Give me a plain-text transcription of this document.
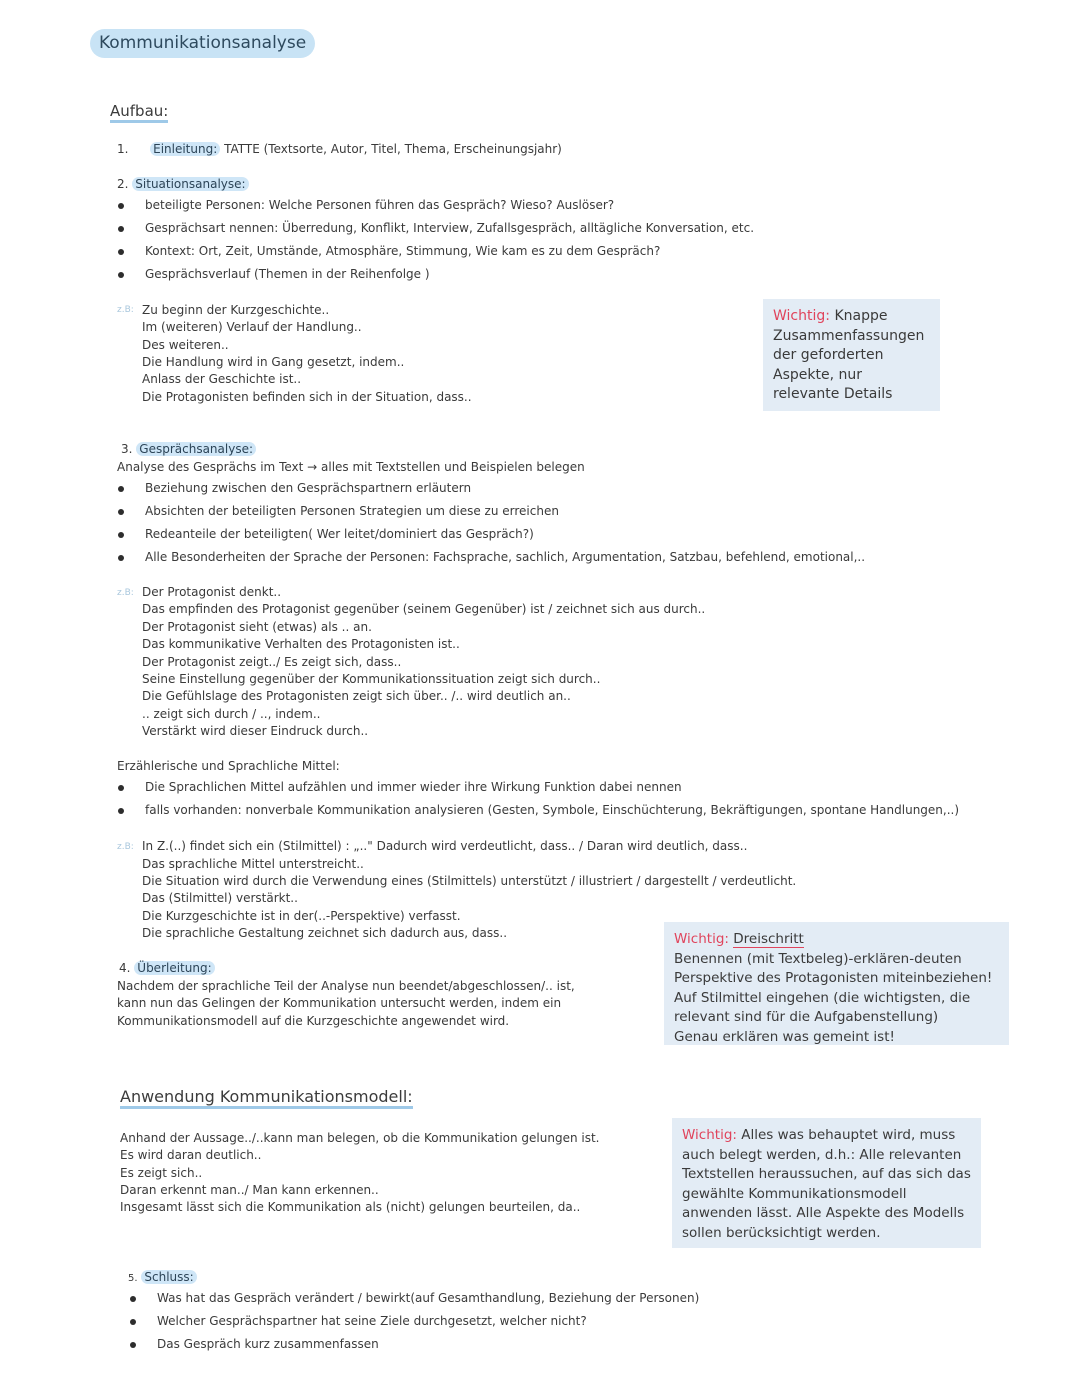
Kommunikationsanalyse
Aufbau:
1. Einleitung: TATTE (Textsorte, Autor, Titel, Thema, Erscheinungsjahr)
2. Situationsanalyse:
beteiligte Personen: Welche Personen führen das Gespräch? Wieso? Auslöser?
Gesprächsart nennen: Überredung, Konflikt, Interview, Zufallsgespräch, alltägliche Konversation, etc.
Kontext: Ort, Zeit, Umstände, Atmosphäre, Stimmung, Wie kam es zu dem Gespräch?
Gesprächsverlauf (Themen in der Reihenfolge )
z.B: Zu beginn der Kurzgeschichte..
Im (weiteren) Verlauf der Handlung..
Des weiteren..
Die Handlung wird in Gang gesetzt, indem..
Anlass der Geschichte ist..
Die Protagonisten befinden sich in der Situation, dass..
Wichtig: Knappe Zusammenfassungen der geforderten Aspekte, nur relevante Details
3. Gesprächsanalyse:
Analyse des Gesprächs im Text → alles mit Textstellen und Beispielen belegen
Beziehung zwischen den Gesprächspartnern erläutern
Absichten der beteiligten Personen Strategien um diese zu erreichen
Redeanteile der beteiligten( Wer leitet/dominiert das Gespräch?)
Alle Besonderheiten der Sprache der Personen: Fachsprache, sachlich, Argumentation, Satzbau, befehlend, emotional,..
z.B: Der Protagonist denkt..
Das empfinden des Protagonist gegenüber (seinem Gegenüber) ist / zeichnet sich aus durch..
Der Protagonist sieht (etwas) als .. an.
Das kommunikative Verhalten des Protagonisten ist..
Der Protagonist zeigt../ Es zeigt sich, dass..
Seine Einstellung gegenüber der Kommunikationssituation zeigt sich durch..
Die Gefühlslage des Protagonisten zeigt sich über.. /.. wird deutlich an..
.. zeigt sich durch / .., indem..
Verstärkt wird dieser Eindruck durch..
Erzählerische und Sprachliche Mittel:
Die Sprachlichen Mittel aufzählen und immer wieder ihre Wirkung Funktion dabei nennen
falls vorhanden: nonverbale Kommunikation analysieren (Gesten, Symbole, Einschüchterung, Bekräftigungen, spontane Handlungen,..)
z.B: In Z.(..) findet sich ein (Stilmittel) : „.." Dadurch wird verdeutlicht, dass.. / Daran wird deutlich, dass..
Das sprachliche Mittel unterstreicht..
Die Situation wird durch die Verwendung eines (Stilmittels) unterstützt / illustriert / dargestellt / verdeutlicht.
Das (Stilmittel) verstärkt..
Die Kurzgeschichte ist in der(..-Perspektive) verfasst.
Die sprachliche Gestaltung zeichnet sich dadurch aus, dass..	Wichtig: Dreischritt
Benennen (mit Textbeleg)-erklären-deuten
Perspektive des Protagonisten miteinbeziehen!
Auf Stilmittel eingehen (die wichtigsten, die relevant sind für die Aufgabenstellung)
Genau erklären was gemeint ist!
4. Überleitung:
Nachdem der sprachliche Teil der Analyse nun beendet/abgeschlossen/.. ist,
kann nun das Gelingen der Kommunikation untersucht werden, indem ein
Kommunikationsmodell auf die Kurzgeschichte angewendet wird.
Anwendung Kommunikationsmodell:
Anhand der Aussage../..kann man belegen, ob die Kommunikation gelungen ist.
Es wird daran deutlich..
Es zeigt sich..
Daran erkennt man../ Man kann erkennen..
Insgesamt lässt sich die Kommunikation als (nicht) gelungen beurteilen, da..
Wichtig: Alles was behauptet wird, muss auch belegt werden, d.h.: Alle relevanten Textstellen heraussuchen, auf das sich das gewählte Kommunikationsmodell anwenden lässt. Alle Aspekte des Modells sollen berücksichtigt werden.
5. Schluss:
Was hat das Gespräch verändert / bewirkt(auf Gesamthandlung, Beziehung der Personen)
Welcher Gesprächspartner hat seine Ziele durchgesetzt, welcher nicht?
Das Gespräch kurz zusammenfassen
